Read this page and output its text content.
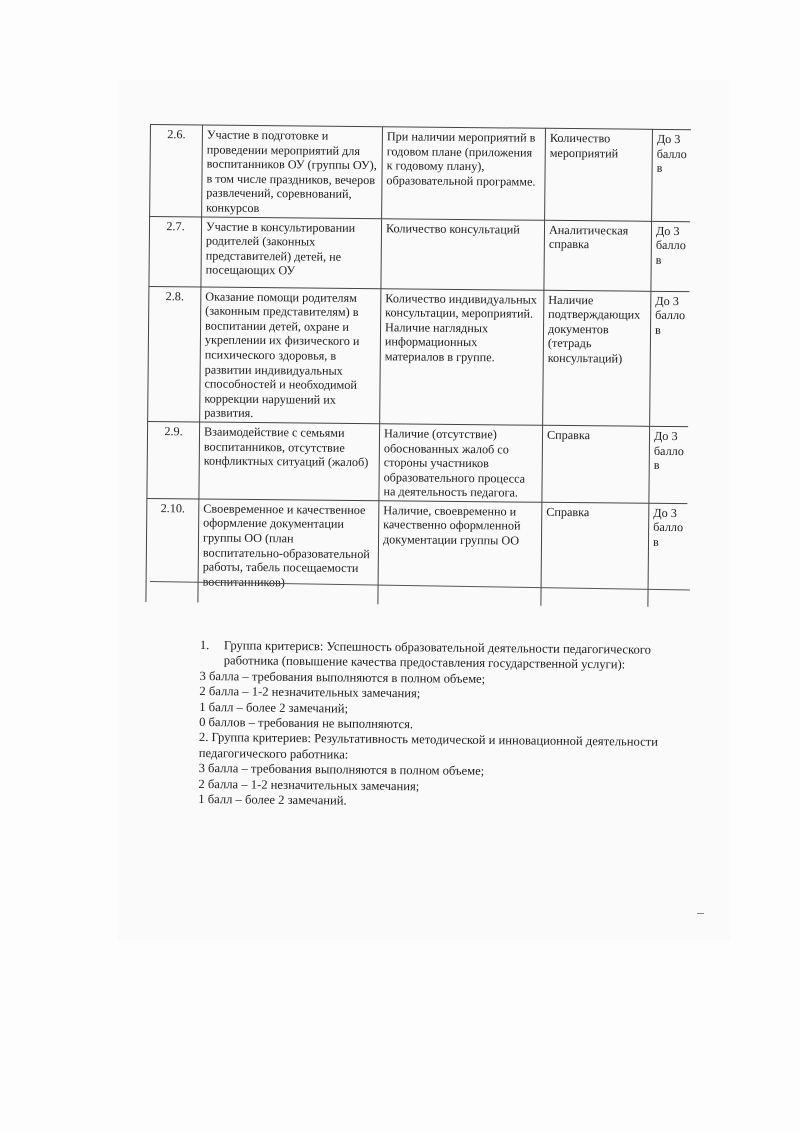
2.6.	Участие в подготовке и проведении мероприятий для воспитанников ОУ (группы ОУ), в том числе праздников, вечеров развлечений, соревнований, конкурсов	При наличии мероприятий в годовом плане (приложения к годовому плану), образовательной программе.	Количество мероприятий	До 3 балло в
2.7.	Участие в консультировании родителей (законных представителей) детей, не посещающих ОУ	Количество консультаций	Аналитическая справка	До 3 балло в
2.8.	Оказание помощи родителям (законным представителям) в воспитании детей, охране и укреплении их физического и психического здоровья, в развитии индивидуальных способностей и необходимой коррекции нарушений их развития.	Количество индивидуальных консультации, мероприятий. Наличие наглядных информационных материалов в группе.	Наличие подтверждающих документов (тетрадь консультаций)	До 3 балло в
2.9.	Взаимодействие с семьями воспитанников, отсутствие конфликтных ситуаций (жалоб)	Наличие (отсутствие) обоснованных жалоб со стороны участников образовательного процесса на деятельность педагога.	Справка	До 3 балло в
2.10.	Своевременное и качественное оформление документации группы ОО (план воспитательно-образовательной работы, табель посещаемости воспитанников)	Наличие, своевременно и качественно оформленной документации группы ОО	Справка	До 3 балло в

1. Группа критерисв: Успешность образовательной деятельности педагогического работника (повышение качества предоставления государственной услуги):

3 балла – требования выполняются в полном объеме;

2 балла – 1-2 незначительных замечания;

1 балл – более 2 замечаний;

0 баллов – требования не выполняются.

2. Группа критериев: Результативность методической и инновационной деятельности педагогического работника:

3 балла – требования выполняются в полном объеме;

2 балла – 1-2 незначительных замечания;

1 балл – более 2 замечаний.
